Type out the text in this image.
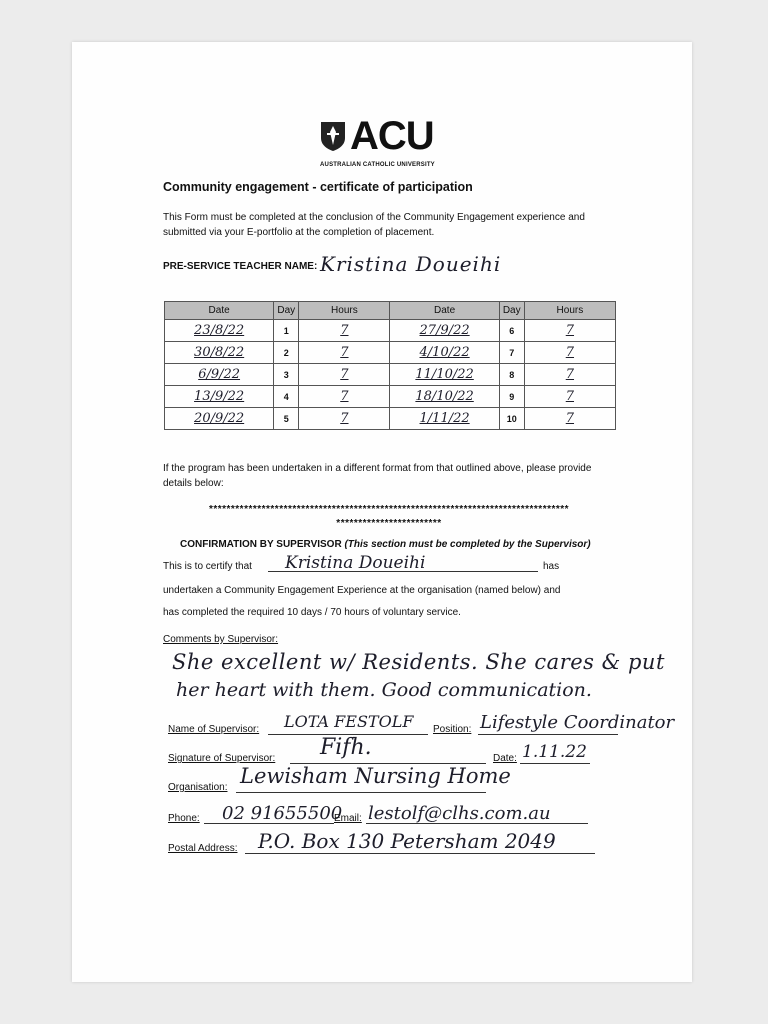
ACU
AUSTRALIAN CATHOLIC UNIVERSITY
Community engagement - certificate of participation
This Form must be completed at the conclusion of the Community Engagement experience and submitted via your E-portfolio at the completion of placement.
PRE-SERVICE TEACHER NAME: Kristina Doueihi
Date	Day	Hours	Date	Day	Hours
23/8/22	1	7	27/9/22	6	7
30/8/22	2	7	4/10/22	7	7
6/9/22	3	7	11/10/22	8	7
13/9/22	4	7	18/10/22	9	7
20/9/22	5	7	1/11/22	10	7
If the program has been undertaken in a different format from that outlined above, please provide details below:
**********************************************************************************
************************
CONFIRMATION BY SUPERVISOR (This section must be completed by the Supervisor)
This is to certify that Kristina Doueihi	has
undertaken a Community Engagement Experience at the organisation (named below) and
has completed the required 10 days / 70 hours of voluntary service.
Comments by Supervisor:
She excellent w/ Residents. She cares & put
her heart with them. Good communication.
Name of Supervisor: LOTA FESTOLF Position: Lifestyle Coordinator
Signature of Supervisor: Fifh.	Date: 1.11.22
Organisation: Lewisham Nursing Home
Phone: 02 91655500
Email: lestolf@clhs.com.au
Postal Address: P.O. Box 130 Petersham 2049
